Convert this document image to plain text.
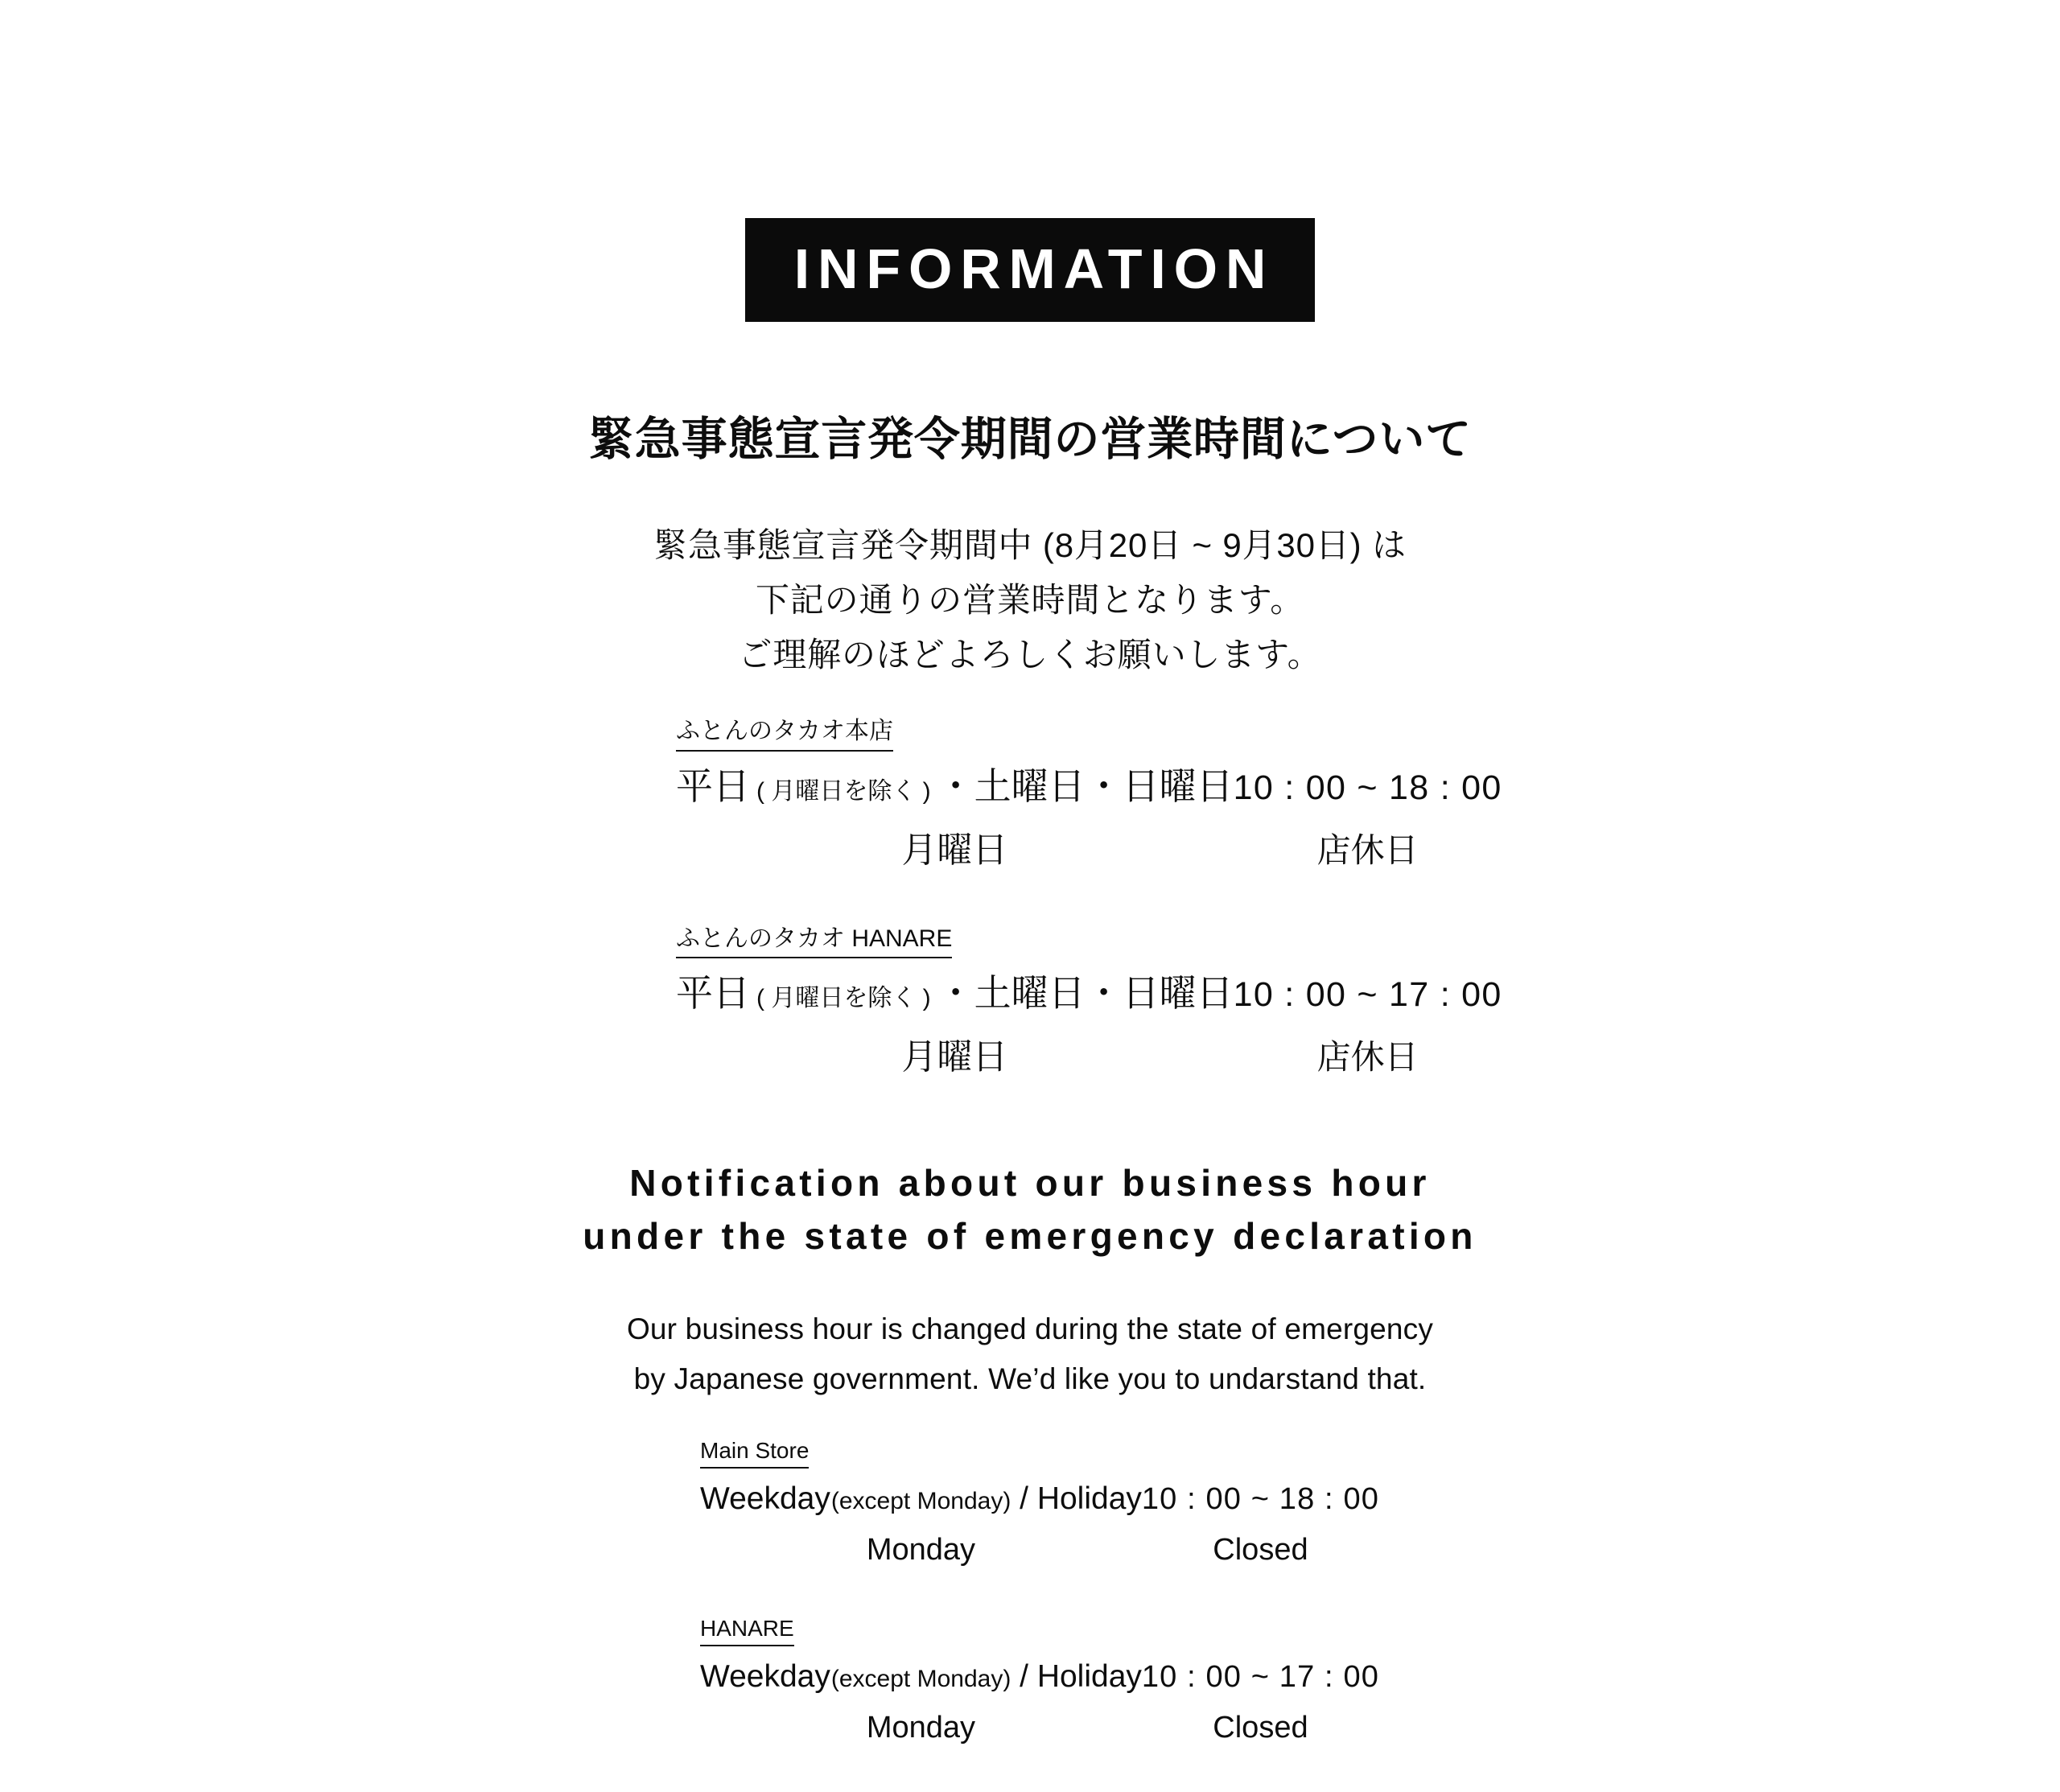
INFORMATION
緊急事態宣言発令期間の営業時間について

緊急事態宣言発令期間中 (8月20日 ~ 9月30日) は

下記の通りの営業時間となります。

ご理解のほどよろしくお願いします。

ふとんのタカオ本店

平日 ( 月曜日を除く ) ・土曜日・日曜日 10 : 00 ~ 18 : 00

月曜日	店休日

ふとんのタカオ HANARE

平日 ( 月曜日を除く ) ・土曜日・日曜日 10 : 00 ~ 17 : 00

月曜日	店休日

Notification about our business hour

under the state of emergency declaration

Our business hour is changed during the state of emergency

by Japanese government. We’d like you to undarstand that.

Main Store

Weekday(except Monday) / Holiday 10 : 00 ~ 18 : 00

Monday	Closed

HANARE

Weekday(except Monday) / Holiday 10 : 00 ~ 17 : 00

Monday	Closed
